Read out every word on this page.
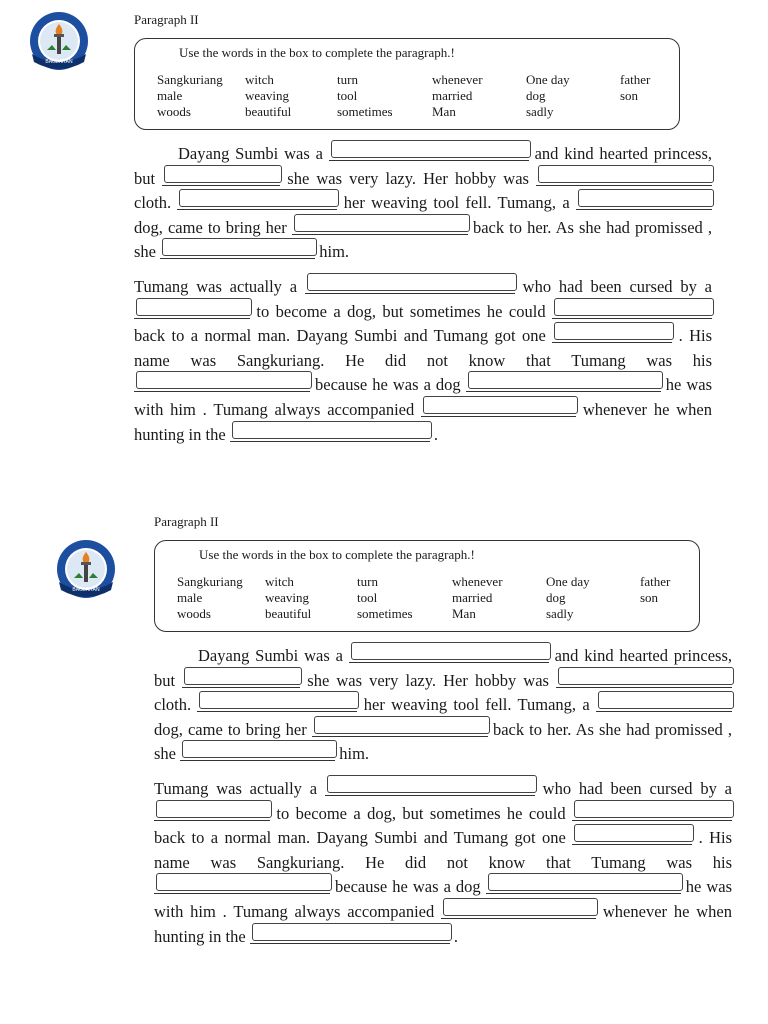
Paragraph II
Use the words in the box to complete the paragraph.!
Sangkuriang	witch	turn	whenever	One day	father
male	weaving	tool	married	dog	son
woods	beautiful	sometimes	Man	sadly

Dayang Sumbi was a	and kind hearted princess, but	she was very lazy. Her hobby was
cloth.	her weaving tool fell. Tumang, a
dog, came to bring her	back to her. As she had promissed , she	him.

Tumang was actually a	who had been cursed by a
to become a dog, but sometimes he could
back to a normal man. Dayang Sumbi and Tumang got one	. His name was Sangkuriang. He did not know that Tumang was his
because he was a dog	he was with him . Tumang always accompanied	whenever he when hunting in the	.

Paragraph II
Use the words in the box to complete the paragraph.!
Sangkuriang	witch	turn	whenever	One day	father
male	weaving	tool	married	dog	son
woods	beautiful	sometimes	Man	sadly

Dayang Sumbi was a	and kind hearted princess, but	she was very lazy. Her hobby was
cloth.	her weaving tool fell. Tumang, a
dog, came to bring her	back to her. As she had promissed , she	him.

Tumang was actually a	who had been cursed by a
to become a dog, but sometimes he could
back to a normal man. Dayang Sumbi and Tumang got one	. His name was Sangkuriang. He did not know that Tumang was his
because he was a dog	he was with him . Tumang always accompanied	whenever he when hunting in the	.
